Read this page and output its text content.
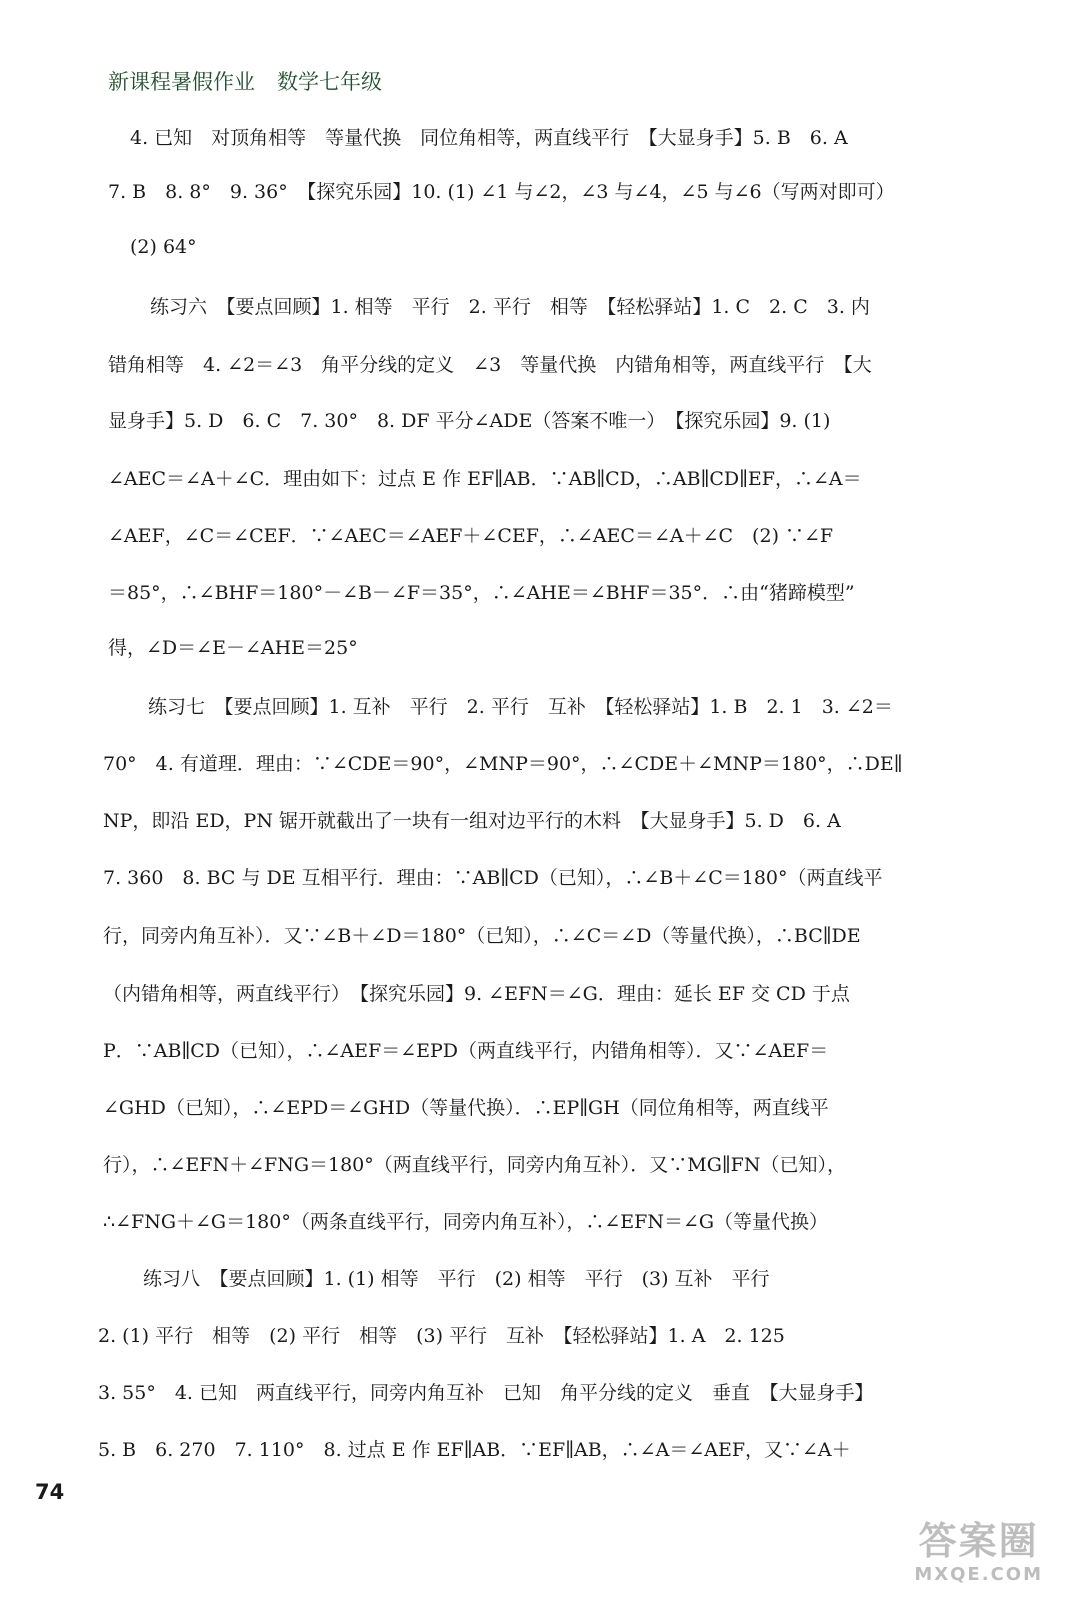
新课程暑假作业 数学七年级
4. 已知　对顶角相等　等量代换　同位角相等，两直线平行　【大显身手】5. B　6. A
7. B　8. 8°　9. 36°　【探究乐园】10. (1) ∠1 与∠2，∠3 与∠4，∠5 与∠6（写两对即可）
(2) 64°
练习六　【要点回顾】1. 相等　平行　2. 平行　相等　【轻松驿站】1. C　2. C　3. 内
错角相等　4. ∠2＝∠3　角平分线的定义　∠3　等量代换　内错角相等，两直线平行　【大
显身手】5. D　6. C　7. 30°　8. DF 平分∠ADE（答案不唯一）　【探究乐园】9. (1)
∠AEC＝∠A＋∠C．理由如下：过点 E 作 EF∥AB．∵AB∥CD，∴AB∥CD∥EF，∴∠A＝
∠AEF，∠C＝∠CEF．∵∠AEC＝∠AEF＋∠CEF，∴∠AEC＝∠A＋∠C　(2) ∵∠F
＝85°，∴∠BHF＝180°－∠B－∠F＝35°，∴∠AHE＝∠BHF＝35°．∴由“猪蹄模型”
得，∠D＝∠E－∠AHE＝25°
练习七　【要点回顾】1. 互补　平行　2. 平行　互补　【轻松驿站】1. B　2. 1　3. ∠2＝
70°　4. 有道理．理由：∵∠CDE＝90°，∠MNP＝90°，∴∠CDE＋∠MNP＝180°，∴DE∥
NP，即沿 ED，PN 锯开就截出了一块有一组对边平行的木料　【大显身手】5. D　6. A
7. 360　8. BC 与 DE 互相平行．理由：∵AB∥CD（已知），∴∠B＋∠C＝180°（两直线平
行，同旁内角互补）．又∵∠B＋∠D＝180°（已知），∴∠C＝∠D（等量代换），∴BC∥DE
（内错角相等，两直线平行）　【探究乐园】9. ∠EFN＝∠G．理由：延长 EF 交 CD 于点
P．∵AB∥CD（已知），∴∠AEF＝∠EPD（两直线平行，内错角相等）．又∵∠AEF＝
∠GHD（已知），∴∠EPD＝∠GHD（等量代换）．∴EP∥GH（同位角相等，两直线平
行），∴∠EFN＋∠FNG＝180°（两直线平行，同旁内角互补）．又∵MG∥FN（已知），
∴∠FNG＋∠G＝180°（两条直线平行，同旁内角互补），∴∠EFN＝∠G（等量代换）
练习八　【要点回顾】1. (1) 相等　平行　(2) 相等　平行　(3) 互补　平行
2. (1) 平行　相等　(2) 平行　相等　(3) 平行　互补　【轻松驿站】1. A　2. 125
3. 55°　4. 已知　两直线平行，同旁内角互补　已知　角平分线的定义　垂直　【大显身手】
5. B　6. 270　7. 110°　8. 过点 E 作 EF∥AB．∵EF∥AB，∴∠A＝∠AEF，又∵∠A＋
74
答案圈
MXQE.COM
